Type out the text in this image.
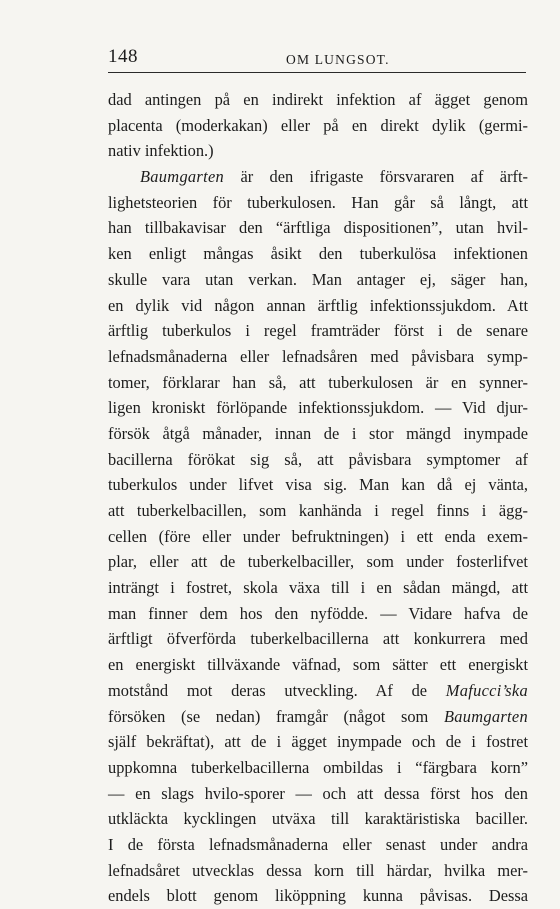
148	OM LUNGSOT.
dad antingen på en indirekt infektion af ägget genom
placenta (moderkakan) eller på en direkt dylik (germi-
nativ infektion.)
Baumgarten är den ifrigaste försvararen af ärft-
lighetsteorien för tuberkulosen. Han går så långt, att
han tillbakavisar den “ärftliga dispositionen”, utan hvil-
ken enligt mångas åsikt den tuberkulösa infektionen
skulle vara utan verkan. Man antager ej, säger han,
en dylik vid någon annan ärftlig infektionssjukdom. Att
ärftlig tuberkulos i regel framträder först i de senare
lefnadsmånaderna eller lefnadsåren med påvisbara symp-
tomer, förklarar han så, att tuberkulosen är en synner-
ligen kroniskt förlöpande infektionssjukdom. — Vid djur-
försök åtgå månader, innan de i stor mängd inympade
bacillerna förökat sig så, att påvisbara symptomer af
tuberkulos under lifvet visa sig. Man kan då ej vänta,
att tuberkelbacillen, som kanhända i regel finns i ägg-
cellen (före eller under befruktningen) i ett enda exem-
plar, eller att de tuberkelbaciller, som under fosterlifvet
inträngt i fostret, skola växa till i en sådan mängd, att
man finner dem hos den nyfödde. — Vidare hafva de
ärftligt öfverförda tuberkelbacillerna att konkurrera med
en energiskt tillväxande väfnad, som sätter ett energiskt
motstånd mot deras utveckling. Af de Mafucci’ska
försöken (se nedan) framgår (något som Baumgarten
själf bekräftat), att de i ägget inympade och de i fostret
uppkomna tuberkelbacillerna ombildas i “färgbara korn”
— en slags hvilo-sporer — och att dessa först hos den
utkläckta kycklingen utväxa till karaktäristiska baciller.
I de första lefnadsmånaderna eller senast under andra
lefnadsåret utvecklas dessa korn till härdar, hvilka mer-
endels blott genom liköppning kunna påvisas. Dessa
